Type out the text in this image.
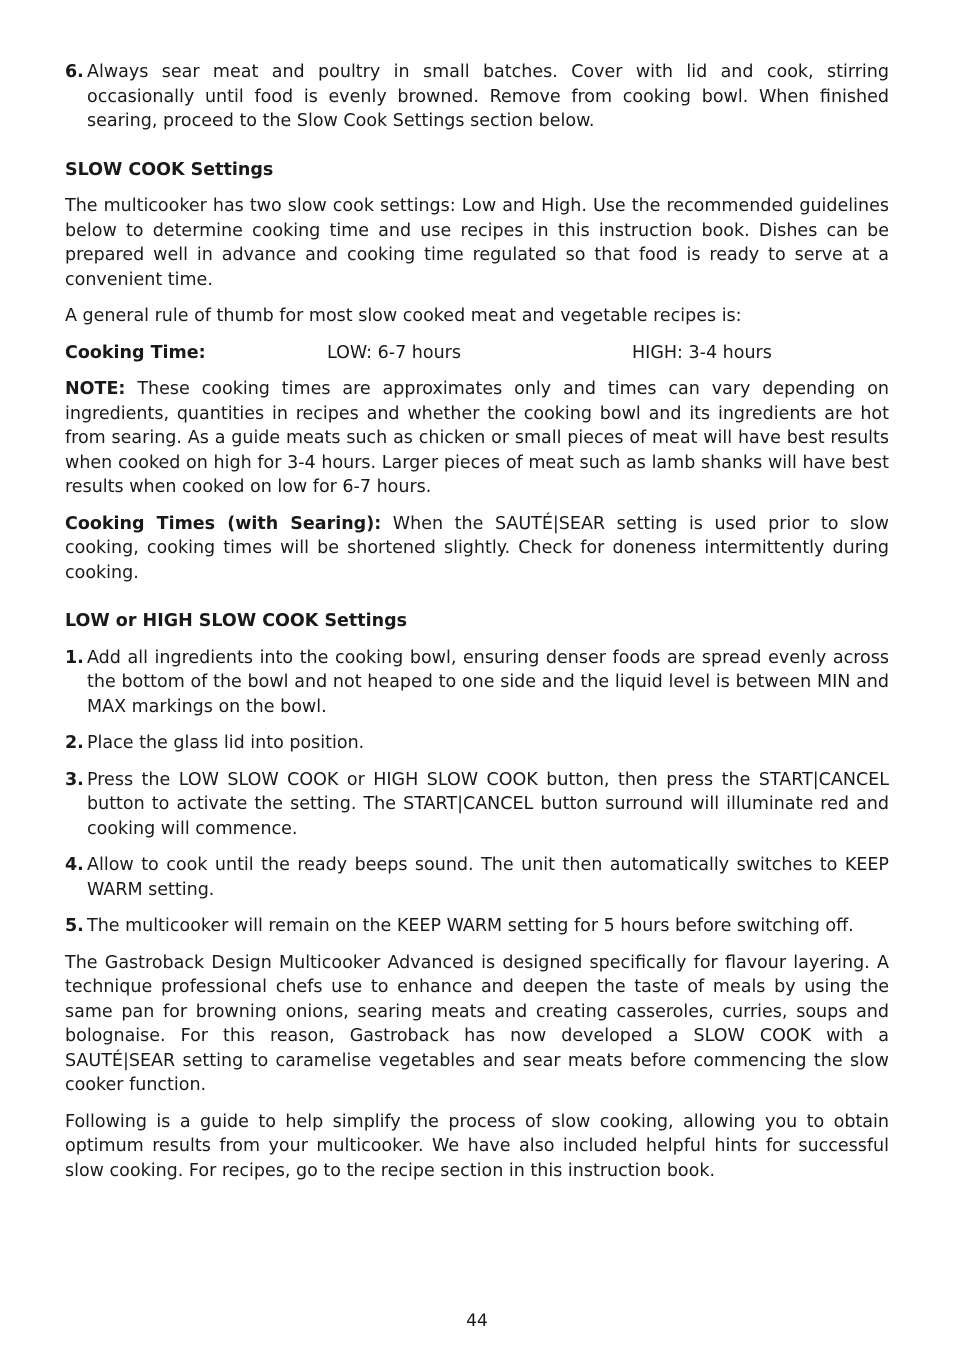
6. Always sear meat and poultry in small batches. Cover with lid and cook, stirring occasionally until food is evenly browned. Remove from cooking bowl. When finished searing, proceed to the Slow Cook Settings section below.
SLOW COOK Settings

The multicooker has two slow cook settings: Low and High. Use the recommended guidelines below to determine cooking time and use recipes in this instruction book. Dishes can be prepared well in advance and cooking time regulated so that food is ready to serve at a convenient time.

A general rule of thumb for most slow cooked meat and vegetable recipes is:

Cooking Time:	LOW: 6-7 hours	HIGH: 3-4 hours

NOTE: These cooking times are approximates only and times can vary depending on ingredients, quantities in recipes and whether the cooking bowl and its ingredients are hot from searing. As a guide meats such as chicken or small pieces of meat will have best results when cooked on high for 3-4 hours. Larger pieces of meat such as lamb shanks will have best results when cooked on low for 6-7 hours.

Cooking Times (with Searing): When the SAUTÉ|SEAR setting is used prior to slow cooking, cooking times will be shortened slightly. Check for doneness intermittently during cooking.

LOW or HIGH SLOW COOK Settings
1. Add all ingredients into the cooking bowl, ensuring denser foods are spread evenly across the bottom of the bowl and not heaped to one side and the liquid level is between MIN and MAX markings on the bowl.
2. Place the glass lid into position.
3. Press the LOW SLOW COOK or HIGH SLOW COOK button, then press the START|CANCEL button to activate the setting. The START|CANCEL button surround will illuminate red and cooking will commence.
4. Allow to cook until the ready beeps sound. The unit then automatically switches to KEEP WARM setting.
5. The multicooker will remain on the KEEP WARM setting for 5 hours before switching off.

The Gastroback Design Multicooker Advanced is designed specifically for flavour layering. A technique professional chefs use to enhance and deepen the taste of meals by using the same pan for browning onions, searing meats and creating casseroles, curries, soups and bolognaise. For this reason, Gastroback has now developed a SLOW COOK with a SAUTÉ|SEAR setting to caramelise vegetables and sear meats before commencing the slow cooker function.

Following is a guide to help simplify the process of slow cooking, allowing you to obtain optimum results from your multicooker. We have also included helpful hints for successful slow cooking. For recipes, go to the recipe section in this instruction book.

44
